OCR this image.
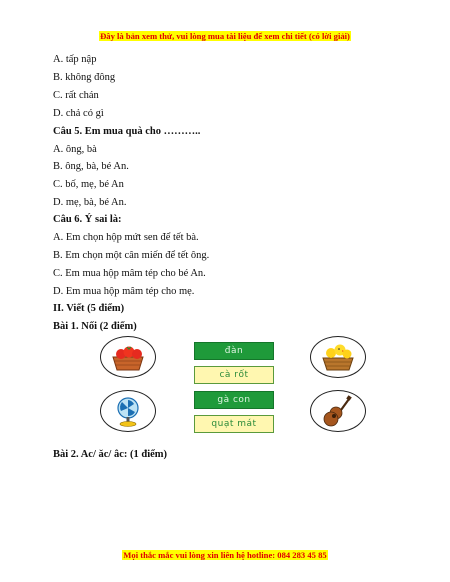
Đây là bản xem thử, vui lòng mua tài liệu để xem chi tiết (có lời giải)
A. tấp nập
B. không đông
C. rất chán
D. chả có gì
Câu 5. Em mua quà cho ………..
A. ông, bà
B. ông, bà, bé An.
C. bố, mẹ, bé An
D. mẹ, bà, bé An.
Câu 6. Ý sai là:
A. Em chọn hộp mứt sen để tết bà.
B. Em chọn một cân miến để tết ông.
C. Em mua hộp mâm tép cho bé An.
D. Em mua hộp mâm tép cho mẹ.
II. Viết (5 điểm)
Bài 1. Nối (2 điểm)
đàn
cà rốt
gà con
quạt mát
Bài 2. Ac/ ăc/ âc: (1 điểm)
Mọi thắc mắc vui lòng xin liên hệ hotline: 084 283 45 85
